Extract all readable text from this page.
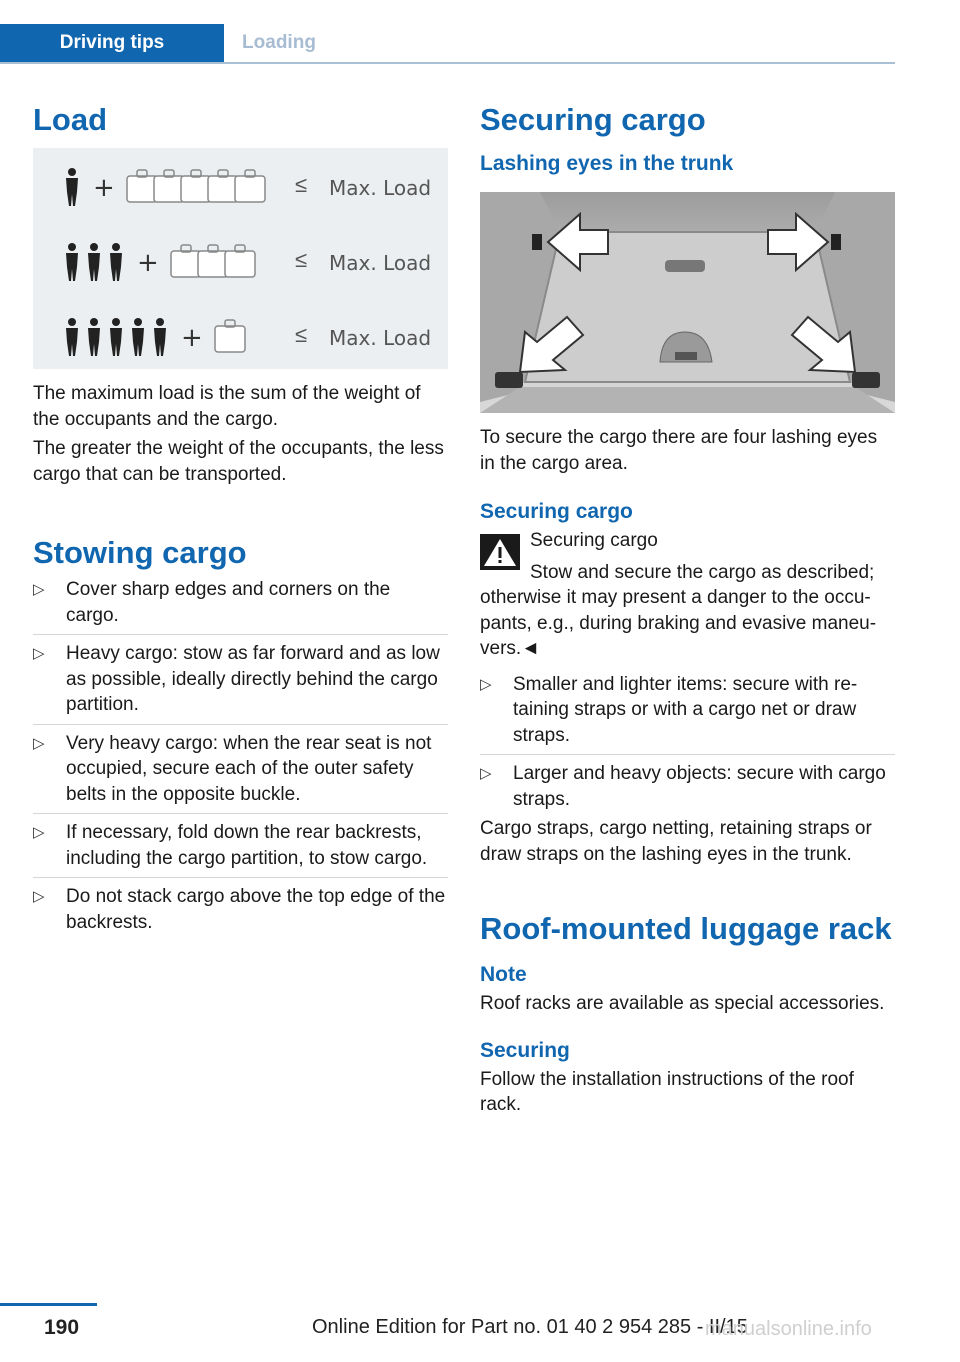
Driving tips	Loading
Load
+	≤ Max. Load
+	≤ Max. Load
+	≤ Max. Load

The maximum load is the sum of the weight of the occupants and the cargo.

The greater the weight of the occupants, the less cargo that can be transported.

Stowing cargo
▷ Cover sharp edges and corners on the cargo.
▷ Heavy cargo: stow as far forward and as low as possible, ideally directly behind the cargo partition.
▷ Very heavy cargo: when the rear seat is not occupied, secure each of the outer safety belts in the opposite buckle.
▷ If necessary, fold down the rear backrests, including the cargo partition, to stow cargo.
▷ Do not stack cargo above the top edge of the backrests.
Securing cargo
Lashing eyes in the trunk

To secure the cargo there are four lashing eyes in the cargo area.

Securing cargo

Securing cargo

Stow and secure the cargo as described; otherwise it may present a danger to the occu-pants, e.g., during braking and evasive maneu-vers.◄

▷ Smaller and lighter items: secure with re-taining straps or with a cargo net or draw straps.
▷ Larger and heavy objects: secure with cargo straps.

Cargo straps, cargo netting, retaining straps or draw straps on the lashing eyes in the trunk.

Roof-mounted luggage rack
Note

Roof racks are available as special accessories.

Securing

Follow the installation instructions of the roof rack.

190	Online Edition for Part no. 01 40 2 954 285 - II/15
manualsonline.info
